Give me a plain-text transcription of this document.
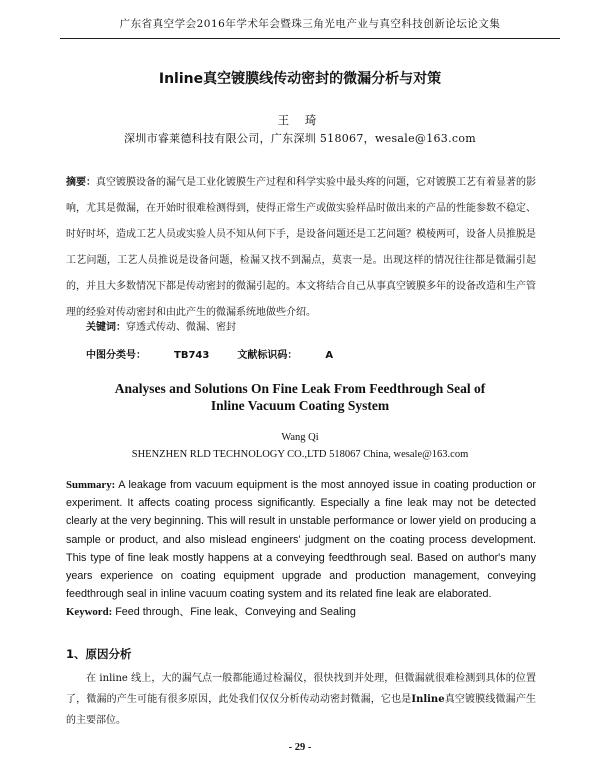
广东省真空学会2016年学术年会暨珠三角光电产业与真空科技创新论坛论文集
Inline真空镀膜线传动密封的微漏分析与对策
王 琦
深圳市睿莱德科技有限公司，广东深圳 518067，wesale@163.com

摘要：真空镀膜设备的漏气是工业化镀膜生产过程和科学实验中最头疼的问题，它对镀膜工艺有着显著的影响，尤其是微漏，在开始时很难检测得到，使得正常生产或做实验样品时做出来的产品的性能参数不稳定、时好时坏，造成工艺人员或实验人员不知从何下手，是设备问题还是工艺问题？模棱两可，设备人员推脱是工艺问题，工艺人员推说是设备问题，检漏又找不到漏点，莫衷一是。出现这样的情况往往都是微漏引起的，并且大多数情况下都是传动密封的微漏引起的。本文将结合自己从事真空镀膜多年的设备改造和生产管理的经验对传动密封和由此产生的微漏系统地做些介绍。

关键词：穿透式传动、微漏、密封
中图分类号：	TB743	文献标识码：	A
Analyses and Solutions On Fine Leak From Feedthrough Seal of
Inline Vacuum Coating System
Wang Qi
SHENZHEN RLD TECHNOLOGY CO.,LTD 518067 China, wesale@163.com

Summary: A leakage from vacuum equipment is the most annoyed issue in coating production or experiment. It affects coating process significantly. Especially a fine leak may not be detected clearly at the very beginning. This will result in unstable performance or lower yield on producing a sample or product, and also mislead engineers' judgment on the coating process development. This type of fine leak mostly happens at a conveying feedthrough seal. Based on author's many years experience on coating equipment upgrade and production management, conveying feedthrough seal in inline vacuum coating system and its related fine leak are elaborated.

Keyword: Feed through、Fine leak、Conveying and Sealing
1、原因分析

在 inline 线上，大的漏气点一般都能通过检漏仪，很快找到并处理，但微漏就很难检测到具体的位置了，微漏的产生可能有很多原因，此处我们仅仅分析传动动密封微漏，它也是Inline真空镀膜线微漏产生的主要部位。

- 29 -
